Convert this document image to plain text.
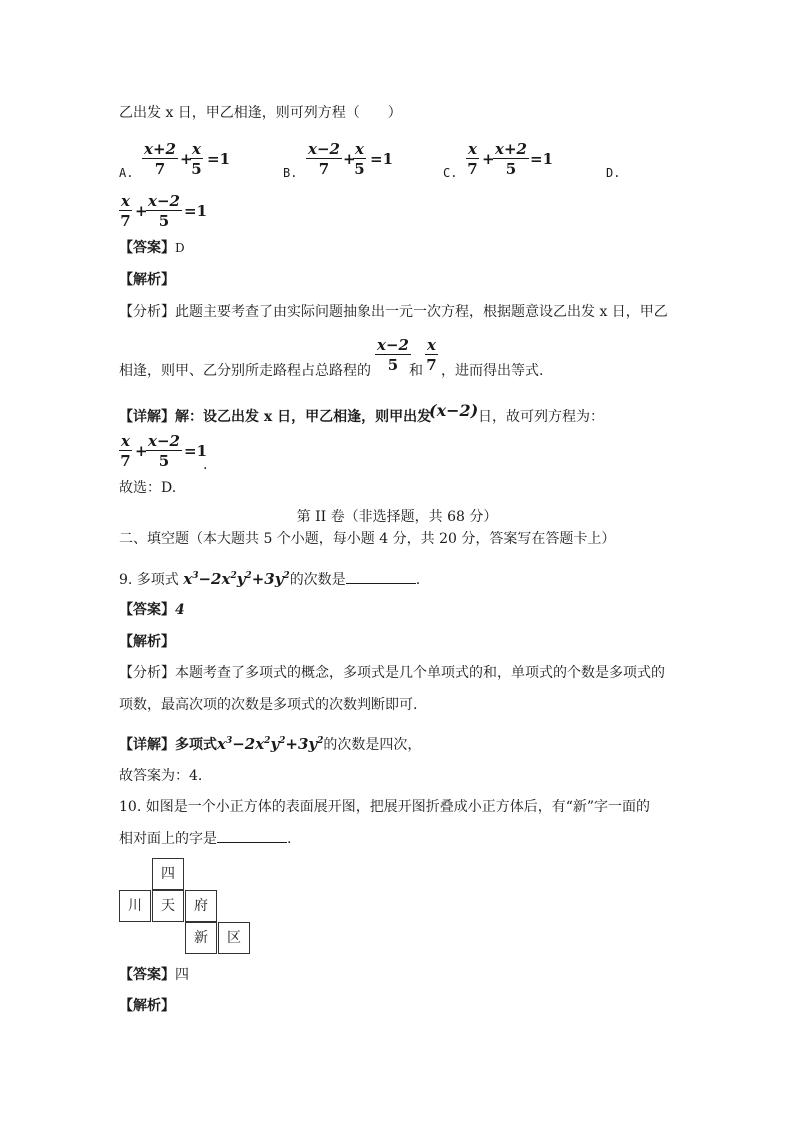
乙出发 x 日，甲乙相逢，则可列方程（　　）
A. $\frac{x+2}{7}$ +
$\frac{x}{5} =1$
B. $\frac{x-2}{7}$ +
$\frac{x}{5} =1$
C. $\frac{x}{7}$ +
$\frac{x+2}{5} =1$
D.
$\frac{x}{7}$ +
$\frac{x-2}{5} =1$
【答案】D
【解析】
【分析】此题主要考查了由实际问题抽象出一元一次方程，根据题意设乙出发 x 日，甲乙
相逢，则甲、乙分别所走路程占总路程的 $\frac{x-2}{5}$
和 $\frac{x}{7}$ ，进而得出等式.
【详解】解：设乙出发 x 日，甲乙相逢，则甲出发
(x−2) 日，故可列方程为：
$\frac{x}{7}$ +
$\frac{x-2}{5} =1$
.
故选：D.
第 II 卷（非选择题，共 68 分）
二、填空题（本大题共 5 个小题，每小题 4 分，共 20 分，答案写在答题卡上）
9. 多项式 $x^3-2x^2y^2+3y^2$的次数是	.
【答案】4
【解析】
【分析】本题考查了多项式的概念，多项式是几个单项式的和，单项式的个数是多项式的
项数，最高次项的次数是多项式的次数判断即可.
【详解】多项式$x^3-2x^2y^2+3y^2$的次数是四次，
故答案为：4.
10. 如图是一个小正方体的表面展开图，把展开图折叠成小正方体后，有“新”字一面的
相对面上的字是	.
四
川	天	府
新	区
【答案】四
【解析】
